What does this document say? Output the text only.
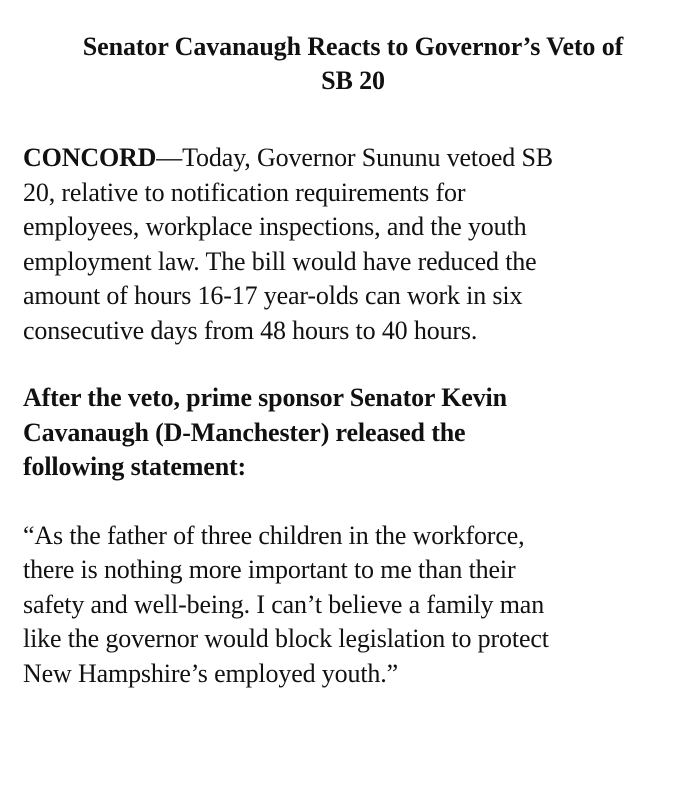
Senator Cavanaugh Reacts to Governor’s Veto of
SB 20

CONCORD—Today, Governor Sununu vetoed SB
20, relative to notification requirements for
employees, workplace inspections, and the youth
employment law. The bill would have reduced the
amount of hours 16-17 year-olds can work in six
consecutive days from 48 hours to 40 hours.

After the veto, prime sponsor Senator Kevin
Cavanaugh (D-Manchester) released the
following statement:

“As the father of three children in the workforce,
there is nothing more important to me than their
safety and well-being. I can’t believe a family man
like the governor would block legislation to protect
New Hampshire’s employed youth.”
